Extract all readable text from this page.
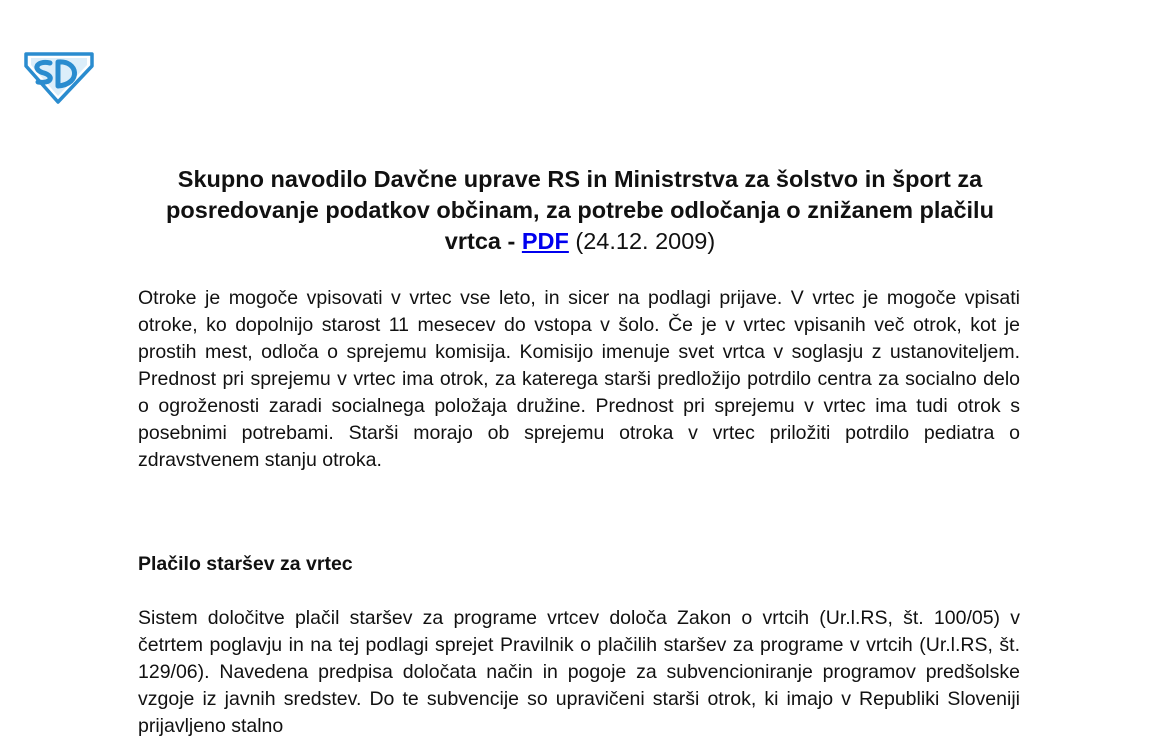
Skupno navodilo Davčne uprave RS in Ministrstva za šolstvo in šport za posredovanje podatkov občinam, za potrebe odločanja o znižanem plačilu vrtca - PDF (24.12. 2009)

Otroke je mogoče vpisovati v vrtec vse leto, in sicer na podlagi prijave. V vrtec je mogoče vpisati otroke, ko dopolnijo starost 11 mesecev do vstopa v šolo. Če je v vrtec vpisanih več otrok, kot je prostih mest, odloča o sprejemu komisija. Komisijo imenuje svet vrtca v soglasju z ustanoviteljem. Prednost pri sprejemu v vrtec ima otrok, za katerega starši predložijo potrdilo centra za socialno delo o ogroženosti zaradi socialnega položaja družine. Prednost pri sprejemu v vrtec ima tudi otrok s posebnimi potrebami. Starši morajo ob sprejemu otroka v vrtec priložiti potrdilo pediatra o zdravstvenem stanju otroka.

Plačilo staršev za vrtec

Sistem določitve plačil staršev za programe vrtcev določa Zakon o vrtcih (Ur.l.RS, št. 100/05) v četrtem poglavju in na tej podlagi sprejet Pravilnik o plačilih staršev za programe v vrtcih (Ur.l.RS, št. 129/06). Navedena predpisa določata način in pogoje za subvencioniranje programov predšolske vzgoje iz javnih sredstev. Do te subvencije so upravičeni starši otrok, ki imajo v Republiki Sloveniji prijavljeno stalno
